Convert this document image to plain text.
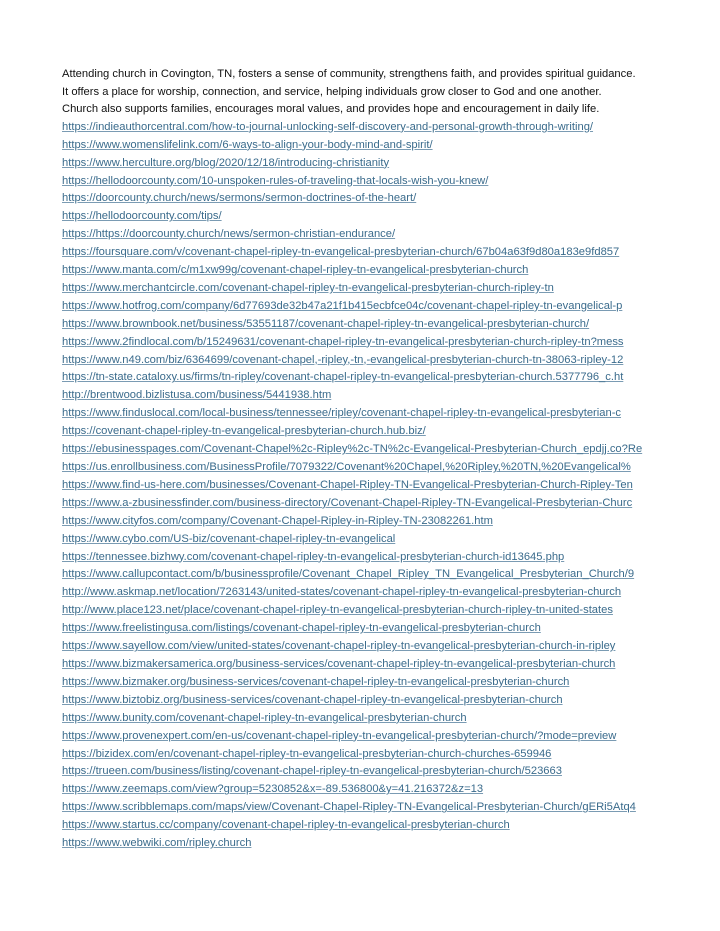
Attending church in Covington, TN, fosters a sense of community, strengthens faith, and provides spiritual guidance.

It offers a place for worship, connection, and service, helping individuals grow closer to God and one another.

Church also supports families, encourages moral values, and provides hope and encouragement in daily life.

https://indieauthorcentral.com/how-to-journal-unlocking-self-discovery-and-personal-growth-through-writing/
https://www.womenslifelink.com/6-ways-to-align-your-body-mind-and-spirit/
https://www.herculture.org/blog/2020/12/18/introducing-christianity
https://hellodoorcounty.com/10-unspoken-rules-of-traveling-that-locals-wish-you-knew/
https://doorcounty.church/news/sermons/sermon-doctrines-of-the-heart/
https://hellodoorcounty.com/tips/
https://https://doorcounty.church/news/sermon-christian-endurance/
https://foursquare.com/v/covenant-chapel-ripley-tn-evangelical-presbyterian-church/67b04a63f9d80a183e9fd857
https://www.manta.com/c/m1xw99g/covenant-chapel-ripley-tn-evangelical-presbyterian-church
https://www.merchantcircle.com/covenant-chapel-ripley-tn-evangelical-presbyterian-church-ripley-tn
https://www.hotfrog.com/company/6d77693de32b47a21f1b415ecbfce04c/covenant-chapel-ripley-tn-evangelical-p
https://www.brownbook.net/business/53551187/covenant-chapel-ripley-tn-evangelical-presbyterian-church/
https://www.2findlocal.com/b/15249631/covenant-chapel-ripley-tn-evangelical-presbyterian-church-ripley-tn?mess
https://www.n49.com/biz/6364699/covenant-chapel,-ripley,-tn,-evangelical-presbyterian-church-tn-38063-ripley-12
https://tn-state.cataloxy.us/firms/tn-ripley/covenant-chapel-ripley-tn-evangelical-presbyterian-church.5377796_c.ht
http://brentwood.bizlistusa.com/business/5441938.htm
https://www.finduslocal.com/local-business/tennessee/ripley/covenant-chapel-ripley-tn-evangelical-presbyterian-c
https://covenant-chapel-ripley-tn-evangelical-presbyterian-church.hub.biz/
https://ebusinesspages.com/Covenant-Chapel%2c-Ripley%2c-TN%2c-Evangelical-Presbyterian-Church_epdjj.co?Re
https://us.enrollbusiness.com/BusinessProfile/7079322/Covenant%20Chapel,%20Ripley,%20TN,%20Evangelical%
https://www.find-us-here.com/businesses/Covenant-Chapel-Ripley-TN-Evangelical-Presbyterian-Church-Ripley-Ten
https://www.a-zbusinessfinder.com/business-directory/Covenant-Chapel-Ripley-TN-Evangelical-Presbyterian-Churc
https://www.cityfos.com/company/Covenant-Chapel-Ripley-in-Ripley-TN-23082261.htm
https://www.cybo.com/US-biz/covenant-chapel-ripley-tn-evangelical
https://tennessee.bizhwy.com/covenant-chapel-ripley-tn-evangelical-presbyterian-church-id13645.php
https://www.callupcontact.com/b/businessprofile/Covenant_Chapel_Ripley_TN_Evangelical_Presbyterian_Church/9
http://www.askmap.net/location/7263143/united-states/covenant-chapel-ripley-tn-evangelical-presbyterian-church
http://www.place123.net/place/covenant-chapel-ripley-tn-evangelical-presbyterian-church-ripley-tn-united-states
https://www.freelistingusa.com/listings/covenant-chapel-ripley-tn-evangelical-presbyterian-church
https://www.sayellow.com/view/united-states/covenant-chapel-ripley-tn-evangelical-presbyterian-church-in-ripley
https://www.bizmakersamerica.org/business-services/covenant-chapel-ripley-tn-evangelical-presbyterian-church
https://www.bizmaker.org/business-services/covenant-chapel-ripley-tn-evangelical-presbyterian-church
https://www.biztobiz.org/business-services/covenant-chapel-ripley-tn-evangelical-presbyterian-church
https://www.bunity.com/covenant-chapel-ripley-tn-evangelical-presbyterian-church
https://www.provenexpert.com/en-us/covenant-chapel-ripley-tn-evangelical-presbyterian-church/?mode=preview
https://bizidex.com/en/covenant-chapel-ripley-tn-evangelical-presbyterian-church-churches-659946
https://trueen.com/business/listing/covenant-chapel-ripley-tn-evangelical-presbyterian-church/523663
https://www.zeemaps.com/view?group=5230852&x=-89.536800&y=41.216372&z=13
https://www.scribblemaps.com/maps/view/Covenant-Chapel-Ripley-TN-Evangelical-Presbyterian-Church/gERi5Atq4
https://www.startus.cc/company/covenant-chapel-ripley-tn-evangelical-presbyterian-church
https://www.webwiki.com/ripley.church
